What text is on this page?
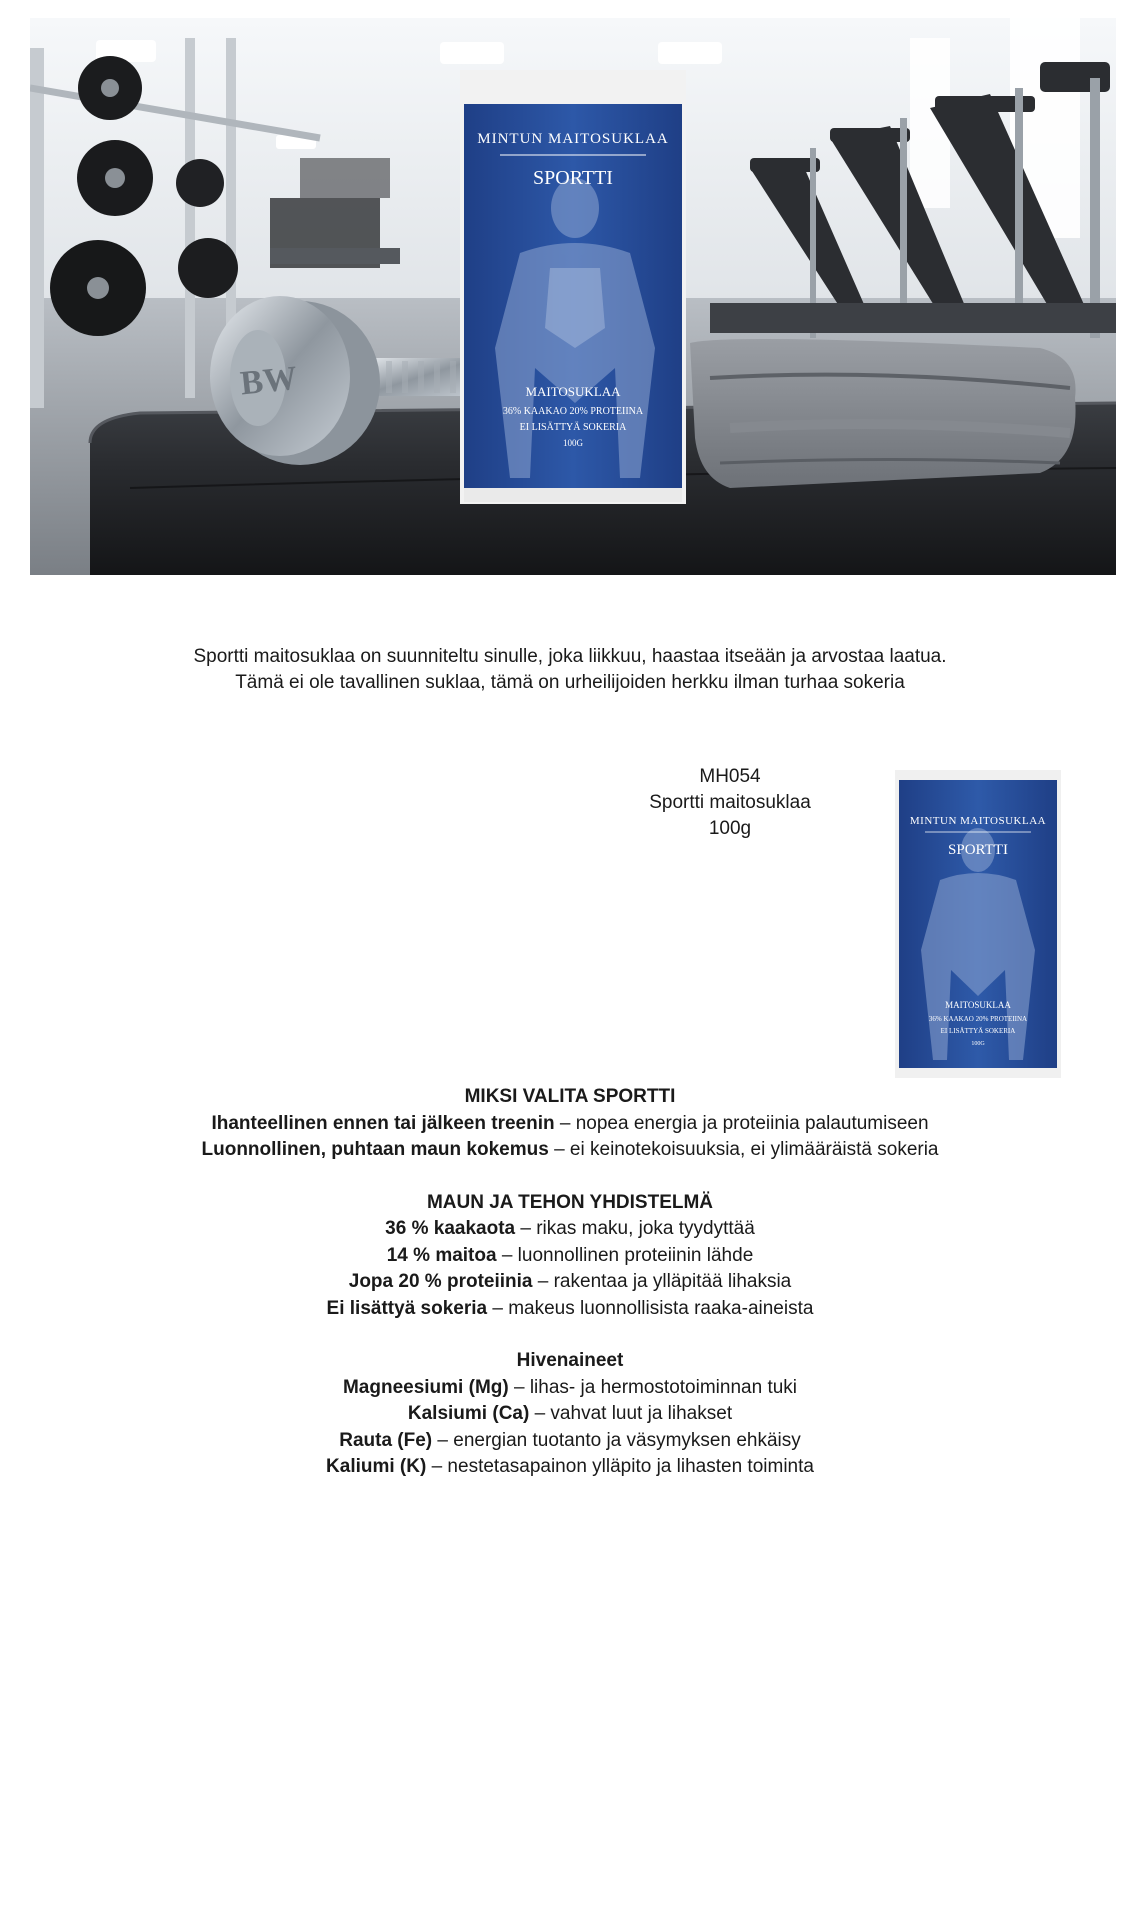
BW
MINTUN MAITOSUKLAA
SPORTTI
MAITOSUKLAA
36% KAAKAO 20% PROTEIINA
EI LISÄTTYÄ SOKERIA
100G
Sportti maitosuklaa on suunniteltu sinulle, joka liikkuu, haastaa itseään ja arvostaa laatua.
Tämä ei ole tavallinen suklaa, tämä on urheilijoiden herkku ilman turhaa sokeria
MH054
Sportti maitosuklaa
100g	MINTUN MAITOSUKLAA
SPORTTI
MAITOSUKLAA
36% KAAKAO 20% PROTEIINA
EI LISÄTTYÄ SOKERIA
100G
MIKSI VALITA SPORTTI
Ihanteellinen ennen tai jälkeen treenin – nopea energia ja proteiinia palautumiseen
Luonnollinen, puhtaan maun kokemus – ei keinotekoisuuksia, ei ylimääräistä sokeria
MAUN JA TEHON YHDISTELMÄ
36 % kaakaota – rikas maku, joka tyydyttää
14 % maitoa – luonnollinen proteiinin lähde
Jopa 20 % proteiinia – rakentaa ja ylläpitää lihaksia
Ei lisättyä sokeria – makeus luonnollisista raaka-aineista
Hivenaineet
Magneesiumi (Mg) – lihas- ja hermostotoiminnan tuki
Kalsiumi (Ca) – vahvat luut ja lihakset
Rauta (Fe) – energian tuotanto ja väsymyksen ehkäisy
Kaliumi (K) – nestetasapainon ylläpito ja lihasten toiminta
